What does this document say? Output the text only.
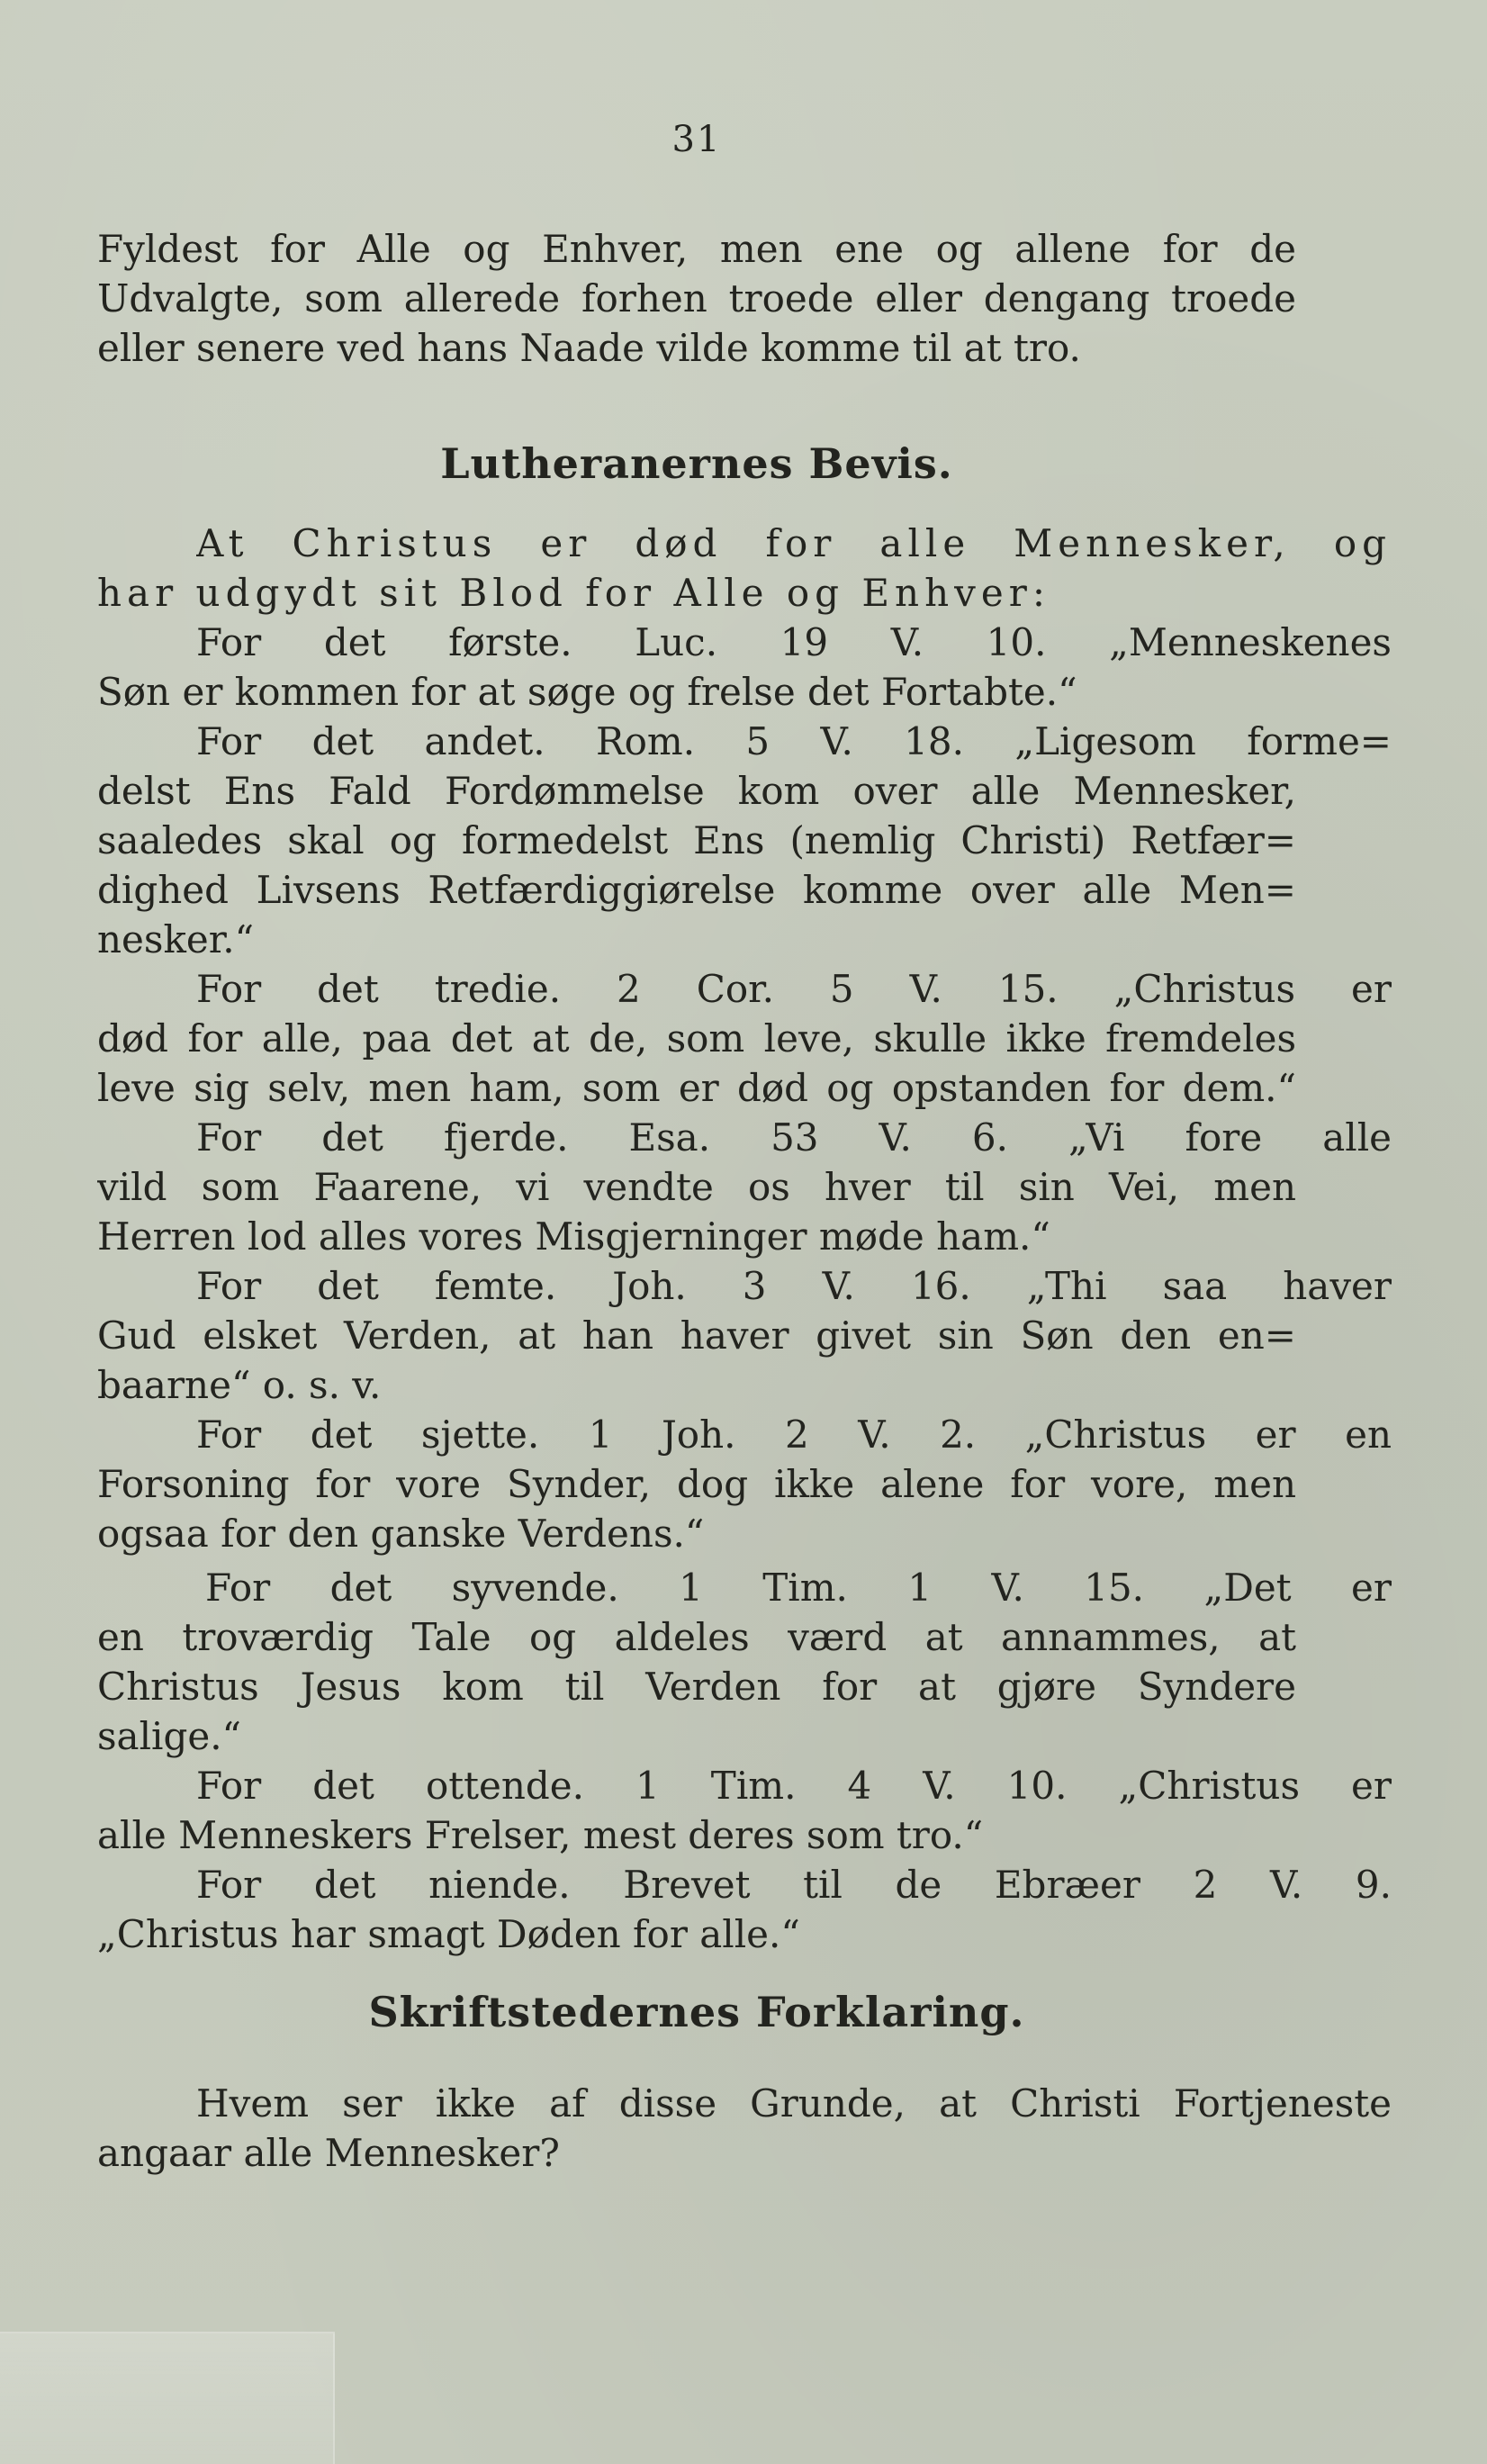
31
Fyldest for Alle og Enhver, men ene og allene for de
Udvalgte, som allerede forhen troede eller dengang troede
eller senere ved hans Naade vilde komme til at tro.
Lutheranernes Bevis.
At Christus er død for alle Mennesker, og
har udgydt sit Blod for Alle og Enhver:
For det første. Luc. 19 V. 10. „Menneskenes
Søn er kommen for at søge og frelse det Fortabte.“
For det andet. Rom. 5 V. 18. „Ligesom forme=
delst Ens Fald Fordømmelse kom over alle Mennesker,
saaledes skal og formedelst Ens (nemlig Christi) Retfær=
dighed Livsens Retfærdiggiørelse komme over alle Men=
nesker.“
For det tredie. 2 Cor. 5 V. 15. „Christus er
død for alle, paa det at de, som leve, skulle ikke fremdeles
leve sig selv, men ham, som er død og opstanden for dem.“
For det fjerde. Esa. 53 V. 6. „Vi fore alle
vild som Faarene, vi vendte os hver til sin Vei, men
Herren lod alles vores Misgjerninger møde ham.“
For det femte. Joh. 3 V. 16. „Thi saa haver
Gud elsket Verden, at han haver givet sin Søn den en=
baarne“ o. s. v.
For det sjette. 1 Joh. 2 V. 2. „Christus er en
Forsoning for vore Synder, dog ikke alene for vore, men
ogsaa for den ganske Verdens.“
For det syvende. 1 Tim. 1 V. 15. „Det er
en troværdig Tale og aldeles værd at annammes, at
Christus Jesus kom til Verden for at gjøre Syndere
salige.“
For det ottende. 1 Tim. 4 V. 10. „Christus er
alle Menneskers Frelser, mest deres som tro.“
For det niende. Brevet til de Ebræer 2 V. 9.
„Christus har smagt Døden for alle.“
Skriftstedernes Forklaring.
Hvem ser ikke af disse Grunde, at Christi Fortjeneste
angaar alle Mennesker?
